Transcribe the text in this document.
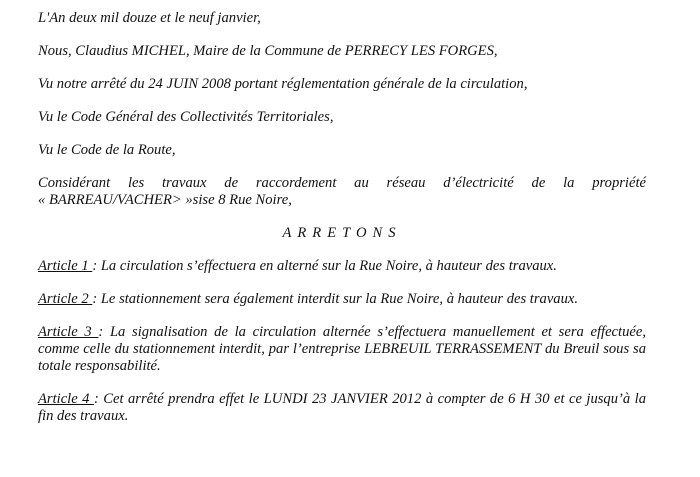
L'An deux mil douze et le neuf janvier,

Nous, Claudius MICHEL, Maire de la Commune de PERRECY LES FORGES,

Vu notre arrêté du 24 JUIN 2008 portant réglementation générale de la circulation,

Vu le Code Général des Collectivités Territoriales,

Vu le Code de la Route,

Considérant les travaux de raccordement au réseau d’électricité de la propriété
« BARREAU/VACHER> »sise 8 Rue Noire,

ARRETONS

Article 1 : La circulation s’effectuera en alterné sur la Rue Noire, à hauteur des travaux.

Article 2 : Le stationnement sera également interdit sur la Rue Noire, à hauteur des travaux.

Article 3 : La signalisation de la circulation alternée s’effectuera manuellement et sera effectuée, comme celle du stationnement interdit, par l’entreprise LEBREUIL TERRASSEMENT du Breuil sous sa totale responsabilité.

Article 4 : Cet arrêté prendra effet le LUNDI 23 JANVIER 2012 à compter de 6 H 30 et ce jusqu’à la fin des travaux.
